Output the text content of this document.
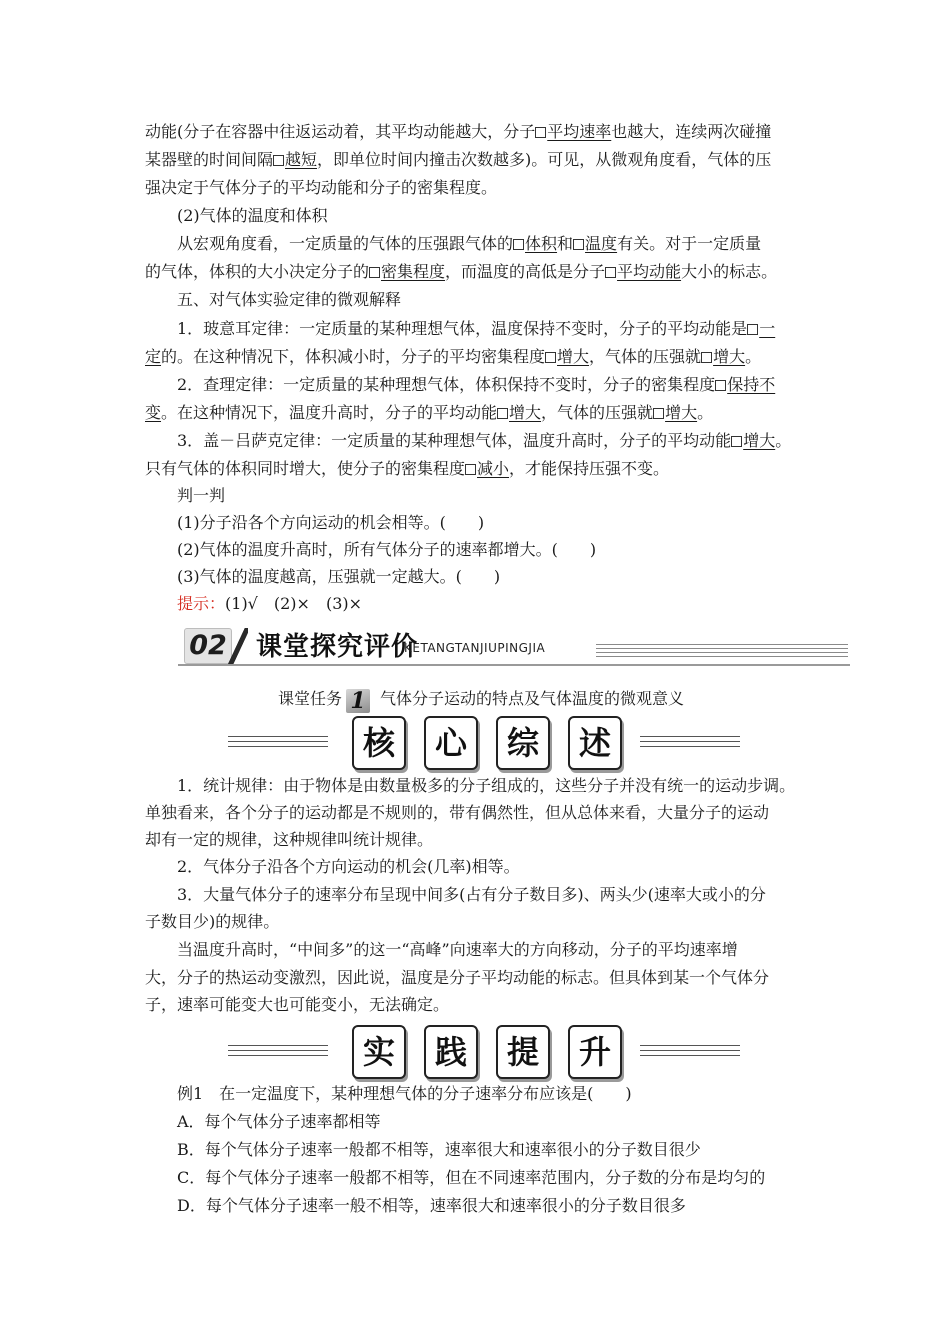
动能(分子在容器中往返运动着，其平均动能越大，分子 平均速率也越大，连续两次碰撞
某器壁的时间间隔 越短，即单位时间内撞击次数越多)。可见，从微观角度看，气体的压
强决定于气体分子的平均动能和分子的密集程度。
(2)气体的温度和体积
从宏观角度看，一定质量的气体的压强跟气体的 体积和 温度有关。对于一定质量
的气体，体积的大小决定分子的 密集程度，而温度的高低是分子 平均动能大小的标志。
五、对气体实验定律的微观解释
1．玻意耳定律：一定质量的某种理想气体，温度保持不变时，分子的平均动能是 一
定的。在这种情况下，体积减小时，分子的平均密集程度 增大，气体的压强就 增大。
2．查理定律：一定质量的某种理想气体，体积保持不变时，分子的密集程度 保持不
变。在这种情况下，温度升高时，分子的平均动能 增大，气体的压强就 增大。
3．盖－吕萨克定律：一定质量的某种理想气体，温度升高时，分子的平均动能 增大。
只有气体的体积同时增大，使分子的密集程度 减小，才能保持压强不变。
判一判
(1)分子沿各个方向运动的机会相等。(　　)
(2)气体的温度升高时，所有气体分子的速率都增大。(　　)
(3)气体的温度越高，压强就一定越大。(　　)
提示：(1)√　(2)×　(3)×
02 课堂探究评价
KETANGTANJIUPINGJIA
课堂任务 1 气体分子运动的特点及气体温度的微观意义
核	心	综	述
1．统计规律：由于物体是由数量极多的分子组成的，这些分子并没有统一的运动步调。
单独看来，各个分子的运动都是不规则的，带有偶然性，但从总体来看，大量分子的运动
却有一定的规律，这种规律叫统计规律。
2．气体分子沿各个方向运动的机会(几率)相等。
3．大量气体分子的速率分布呈现中间多(占有分子数目多)、两头少(速率大或小的分
子数目少)的规律。
当温度升高时，“中间多”的这一“高峰”向速率大的方向移动，分子的平均速率增
大，分子的热运动变激烈，因此说，温度是分子平均动能的标志。但具体到某一个气体分
子，速率可能变大也可能变小，无法确定。
实	践	提	升
例1　在一定温度下，某种理想气体的分子速率分布应该是(　　)
A．每个气体分子速率都相等
B．每个气体分子速率一般都不相等，速率很大和速率很小的分子数目很少
C．每个气体分子速率一般都不相等，但在不同速率范围内，分子数的分布是均匀的
D．每个气体分子速率一般不相等，速率很大和速率很小的分子数目很多
